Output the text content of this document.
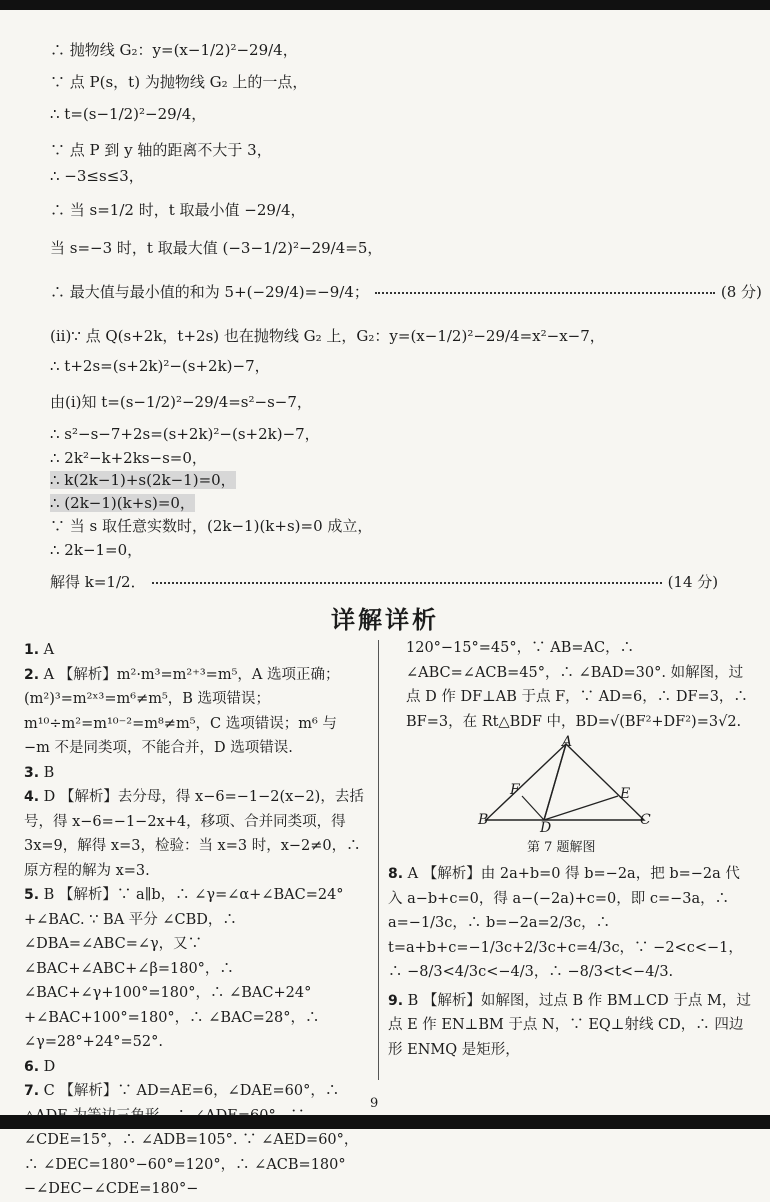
∴ 抛物线 G₂：y=(x−1/2)²−29/4，
∵ 点 P(s，t) 为抛物线 G₂ 上的一点，
∴ t=(s−1/2)²−29/4，
∵ 点 P 到 y 轴的距离不大于 3，
∴ −3≤s≤3，
∴ 当 s=1/2 时，t 取最小值 −29/4，
当 s=−3 时，t 取最大值 (−3−1/2)²−29/4=5，
∴ 最大值与最小值的和为 5+(−29/4)=−9/4；	(8 分)
(ii)∵ 点 Q(s+2k，t+2s) 也在抛物线 G₂ 上，G₂：y=(x−1/2)²−29/4=x²−x−7，
∴ t+2s=(s+2k)²−(s+2k)−7，
由(i)知 t=(s−1/2)²−29/4=s²−s−7，
∴ s²−s−7+2s=(s+2k)²−(s+2k)−7，
∴ 2k²−k+2ks−s=0，
∴ k(2k−1)+s(2k−1)=0，
∴ (2k−1)(k+s)=0，
∵ 当 s 取任意实数时，(2k−1)(k+s)=0 成立，
∴ 2k−1=0，
解得 k=1/2．	(14 分)
详解详析
1. A
2. A 【解析】m²·m³=m²⁺³=m⁵，A 选项正确；(m²)³=m²ˣ³=m⁶≠m⁵，B 选项错误；m¹⁰÷m²=m¹⁰⁻²=m⁸≠m⁵，C 选项错误；m⁶ 与 −m 不是同类项，不能合并，D 选项错误.
3. B
4. D 【解析】去分母，得 x−6=−1−2(x−2)，去括号，得 x−6=−1−2x+4，移项、合并同类项，得 3x=9，解得 x=3，检验：当 x=3 时，x−2≠0，∴ 原方程的解为 x=3.
5. B 【解析】∵ a∥b，∴ ∠γ=∠α+∠BAC=24°+∠BAC. ∵ BA 平分 ∠CBD，∴ ∠DBA=∠ABC=∠γ，又∵ ∠BAC+∠ABC+∠β=180°，∴ ∠BAC+∠γ+100°=180°，∴ ∠BAC+24°+∠BAC+100°=180°，∴ ∠BAC=28°，∴ ∠γ=28°+24°=52°.
6. D
7. C 【解析】∵ AD=AE=6，∠DAE=60°，∴ ∠CDE=15°，∴ ∠ADB=105°. ∵ ∠AED=60°，∴ ∠DEC=180°−60°=120°，∴ ∠ACB=180°−∠DEC−∠CDE=180°−
120°−15°=45°，∵ AB=AC，∴ ∠ABC=∠ACB=45°，∴ ∠BAD=30°. 如解图，过点 D 作 DF⊥AB 于点 F，∵ AD=6，∴ DF=3，∴ BF=3，在 Rt△BDF 中，BD=√(BF²+DF²)=3√2.
A
F	E
B	D	C
第 7 题解图
8. A 【解析】由 2a+b=0 得 b=−2a，把 b=−2a 代入 a−b+c=0，得 a−(−2a)+c=0，即 c=−3a，∴ a=−1/3c，∴ b=−2a=2/3c，∴ t=a+b+c=−1/3c+2/3c+c=4/3c，∵ −2<c<−1，∴ −8/3<4/3c<−4/3，∴ −8/3<t<−4/3.
9. B 【解析】如解图，过点 B 作 BM⊥CD 于点 M，过点 E 作 EN⊥BM 于点 N，∵ EQ⊥射线 CD，∴ 四边形 ENMQ 是矩形，
9
